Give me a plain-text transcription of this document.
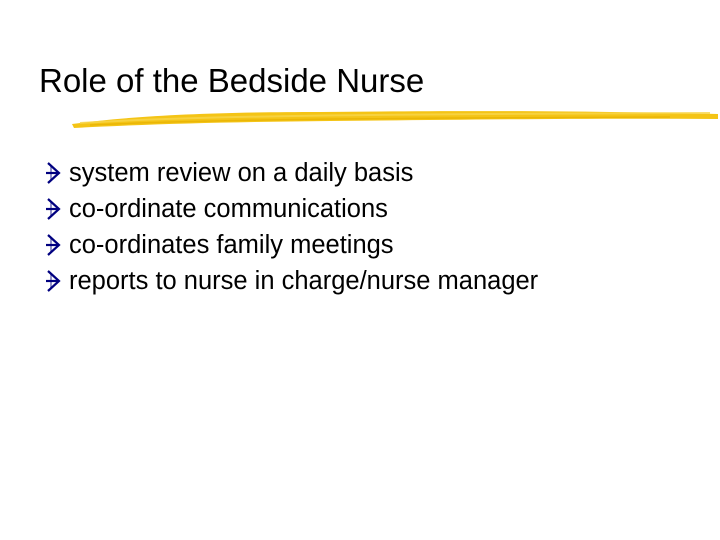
Role of the Bedside Nurse
system review on a daily basis
co-ordinate communications
co-ordinates family meetings
reports to nurse in charge/nurse manager
